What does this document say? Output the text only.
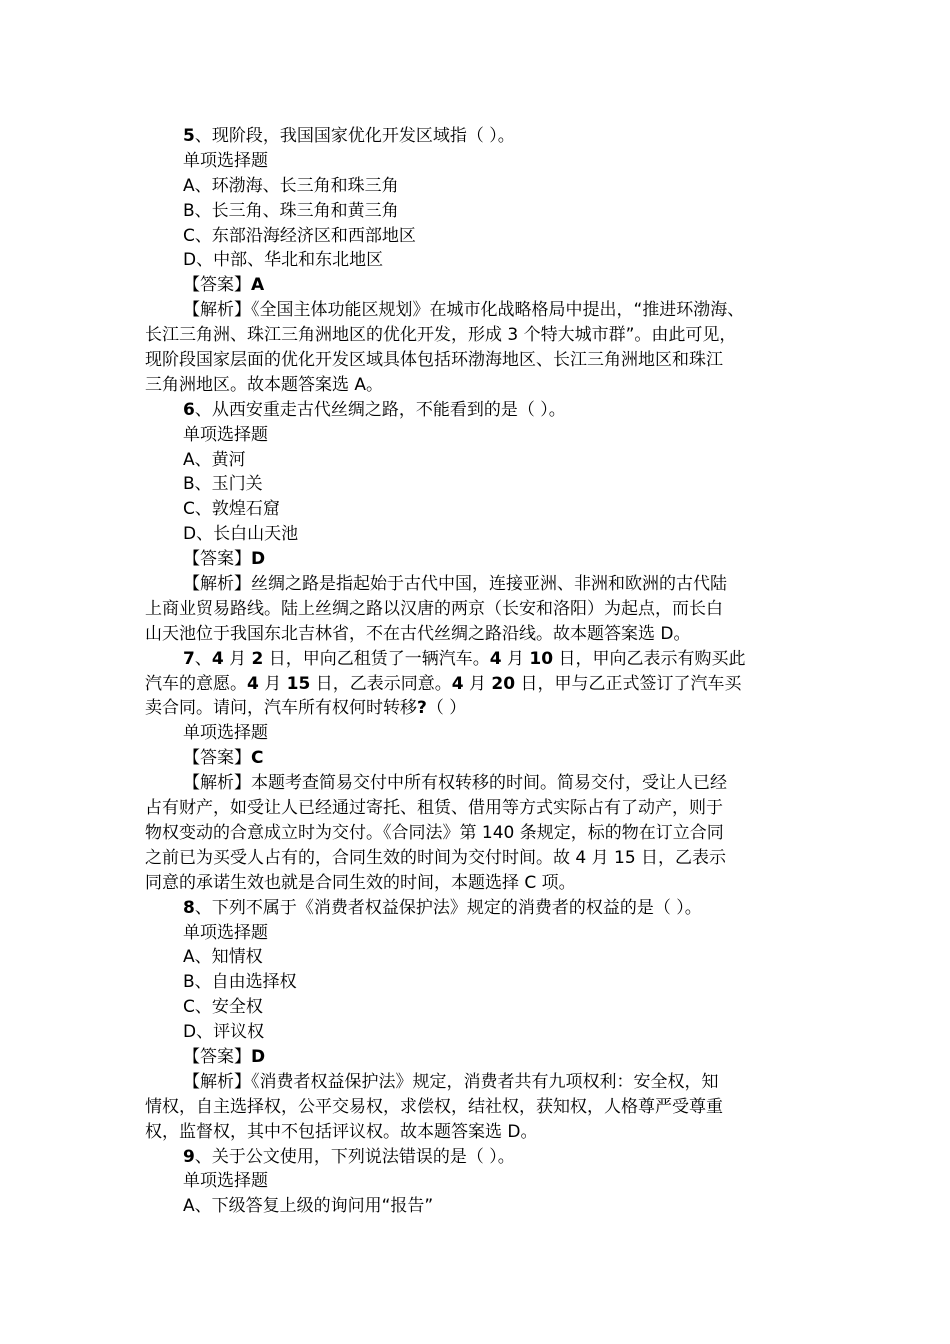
5、现阶段，我国国家优化开发区域指（ ）。
单项选择题
A、环渤海、长三角和珠三角
B、长三角、珠三角和黄三角
C、东部沿海经济区和西部地区
D、中部、华北和东北地区
【答案】A
【解析】《全国主体功能区规划》在城市化战略格局中提出，“推进环渤海、
长江三角洲、珠江三角洲地区的优化开发，形成 3 个特大城市群”。由此可见，
现阶段国家层面的优化开发区域具体包括环渤海地区、长江三角洲地区和珠江
三角洲地区。故本题答案选 A。
6、从西安重走古代丝绸之路，不能看到的是（ ）。
单项选择题
A、黄河
B、玉门关
C、敦煌石窟
D、长白山天池
【答案】D
【解析】丝绸之路是指起始于古代中国，连接亚洲、非洲和欧洲的古代陆
上商业贸易路线。陆上丝绸之路以汉唐的两京（长安和洛阳）为起点，而长白
山天池位于我国东北吉林省，不在古代丝绸之路沿线。故本题答案选 D。
7、4 月 2 日，甲向乙租赁了一辆汽车。4 月 10 日，甲向乙表示有购买此
汽车的意愿。4 月 15 日，乙表示同意。4 月 20 日，甲与乙正式签订了汽车买
卖合同。请问，汽车所有权何时转移?（ ）
单项选择题
【答案】C
【解析】本题考查简易交付中所有权转移的时间。简易交付，受让人已经
占有财产，如受让人已经通过寄托、租赁、借用等方式实际占有了动产，则于
物权变动的合意成立时为交付。《合同法》第 140 条规定，标的物在订立合同
之前已为买受人占有的，合同生效的时间为交付时间。故 4 月 15 日，乙表示
同意的承诺生效也就是合同生效的时间，本题选择 C 项。
8、下列不属于《消费者权益保护法》规定的消费者的权益的是（ ）。
单项选择题
A、知情权
B、自由选择权
C、安全权
D、评议权
【答案】D
【解析】《消费者权益保护法》规定，消费者共有九项权利：安全权，知
情权，自主选择权，公平交易权，求偿权，结社权，获知权，人格尊严受尊重
权，监督权，其中不包括评议权。故本题答案选 D。
9、关于公文使用，下列说法错误的是（ ）。
单项选择题
A、下级答复上级的询问用“报告”
